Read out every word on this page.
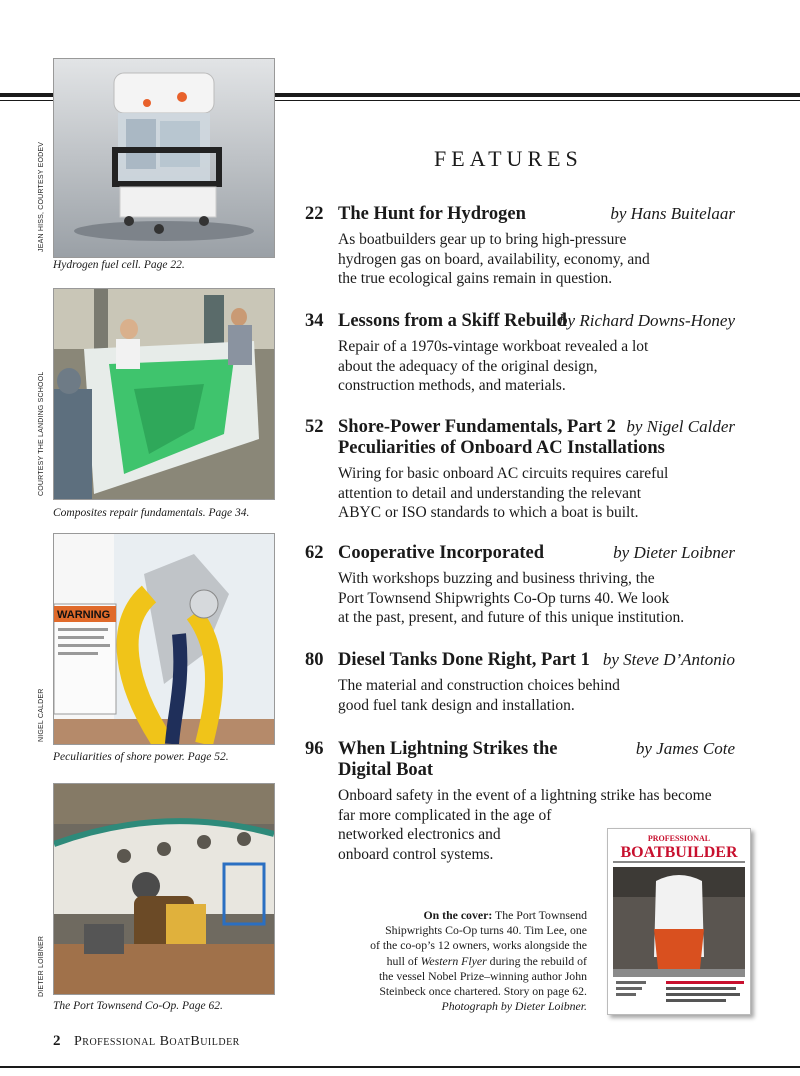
JEAN HISS, COURTESY EODEV
Hydrogen fuel cell. Page 22.
COURTESY THE LANDING SCHOOL
Composites repair fundamentals. Page 34.
WARNING
NIGEL CALDER
Peculiarities of shore power. Page 52.
DIETER LOIBNER
The Port Townsend Co-Op. Page 62.
FEATURES
22 The Hunt for Hydrogen	by Hans Buitelaar
As boatbuilders gear up to bring high-pressure
hydrogen gas on board, availability, economy, and
the true ecological gains remain in question.
34 Lessons from a Skiff Rebuild
by Richard Downs-Honey
Repair of a 1970s-vintage workboat revealed a lot
about the adequacy of the original design,
construction methods, and materials.
52 Shore-Power Fundamentals, Part 2 by Nigel Calder
Peculiarities of Onboard AC Installations
Wiring for basic onboard AC circuits requires careful
attention to detail and understanding the relevant
ABYC or ISO standards to which a boat is built.
62 Cooperative Incorporated	by Dieter Loibner
With workshops buzzing and business thriving, the
Port Townsend Shipwrights Co-Op turns 40. We look
at the past, present, and future of this unique institution.
80 Diesel Tanks Done Right, Part 1 by Steve D’Antonio
The material and construction choices behind
good fuel tank design and installation.
96 When Lightning Strikes the	by James Cote
Digital Boat
Onboard safety in the event of a lightning strike has become
far more complicated in the age of
networked electronics and
onboard control systems.
PROFESSIONAL
BOATBUILDER
On the cover: The Port Townsend
Shipwrights Co-Op turns 40. Tim Lee, one
of the co-op’s 12 owners, works alongside the
hull of Western Flyer during the rebuild of
the vessel Nobel Prize–winning author John
Steinbeck once chartered. Story on page 62.
Photograph by Dieter Loibner.
2 Professional BoatBuilder
